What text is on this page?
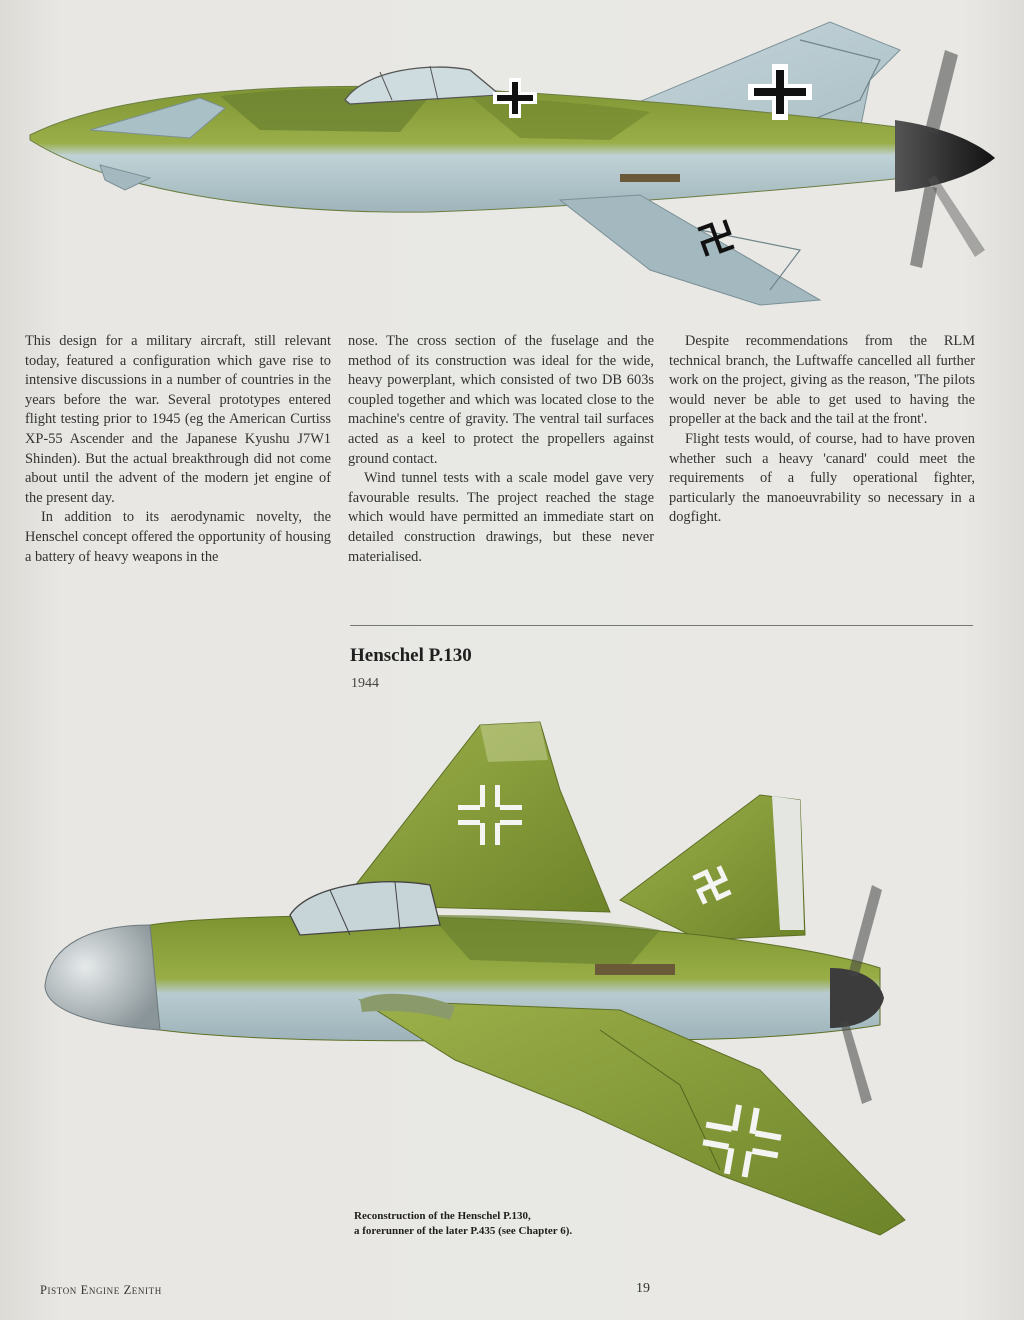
This design for a military aircraft, still relevant today, featured a configuration which gave rise to intensive discussions in a number of countries in the years before the war. Several prototypes entered flight testing prior to 1945 (eg the American Curtiss XP-55 Ascender and the Japanese Kyushu J7W1 Shinden). But the actual breakthrough did not come about until the advent of the modern jet engine of the present day.

In addition to its aerodynamic novelty, the Henschel concept offered the opportunity of housing a battery of heavy weapons in the

nose. The cross section of the fuselage and the method of its construction was ideal for the wide, heavy powerplant, which consisted of two DB 603s coupled together and which was located close to the machine's centre of gravity. The ventral tail surfaces acted as a keel to protect the propellers against ground contact.

Wind tunnel tests with a scale model gave very favourable results. The project reached the stage which would have permitted an immediate start on detailed construction drawings, but these never materialised.

Despite recommendations from the RLM technical branch, the Luftwaffe cancelled all further work on the project, giving as the reason, 'The pilots would never be able to get used to having the propeller at the back and the tail at the front'.

Flight tests would, of course, had to have proven whether such a heavy 'canard' could meet the requirements of a fully operational fighter, particularly the manoeuvrability so necessary in a dogfight.

Henschel P.130
1944
Reconstruction of the Henschel P.130,
a forerunner of the later P.435 (see Chapter 6).
Piston Engine Zenith	19
